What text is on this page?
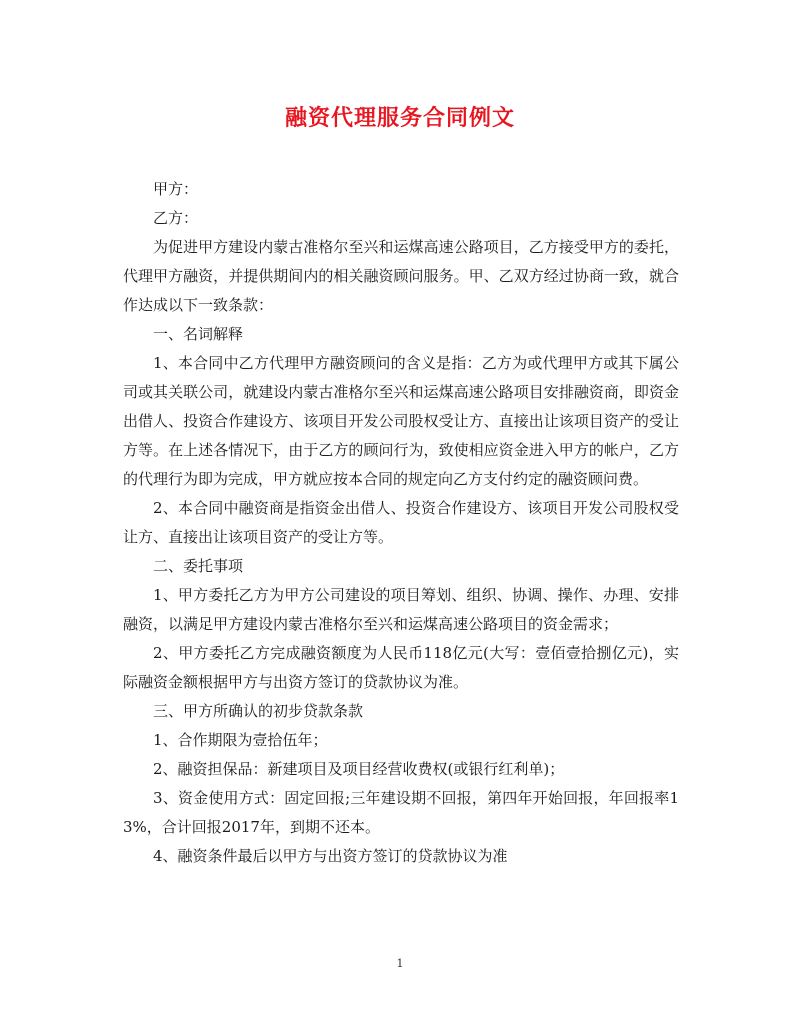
融资代理服务合同例文

甲方：

乙方：

为促进甲方建设内蒙古准格尔至兴和运煤高速公路项目，乙方接受甲方的委托，代理甲方融资，并提供期间内的相关融资顾问服务。甲、乙双方经过协商一致，就合作达成以下一致条款：

一、名词解释

1、本合同中乙方代理甲方融资顾问的含义是指：乙方为或代理甲方或其下属公司或其关联公司，就建设内蒙古准格尔至兴和运煤高速公路项目安排融资商，即资金出借人、投资合作建设方、该项目开发公司股权受让方、直接出让该项目资产的受让方等。在上述各情况下，由于乙方的顾问行为，致使相应资金进入甲方的帐户，乙方的代理行为即为完成，甲方就应按本合同的规定向乙方支付约定的融资顾问费。

2、本合同中融资商是指资金出借人、投资合作建设方、该项目开发公司股权受让方、直接出让该项目资产的受让方等。

二、委托事项

1、甲方委托乙方为甲方公司建设的项目筹划、组织、协调、操作、办理、安排融资，以满足甲方建设内蒙古准格尔至兴和运煤高速公路项目的资金需求；

2、甲方委托乙方完成融资额度为人民币118亿元(大写：壹佰壹拾捌亿元)，实际融资金额根据甲方与出资方签订的贷款协议为准。

三、甲方所确认的初步贷款条款

1、合作期限为壹拾伍年；

2、融资担保品：新建项目及项目经营收费权(或银行红利单)；

3、资金使用方式：固定回报;三年建设期不回报，第四年开始回报，年回报率13%，合计回报2017年，到期不还本。

4、融资条件最后以甲方与出资方签订的贷款协议为准

1
